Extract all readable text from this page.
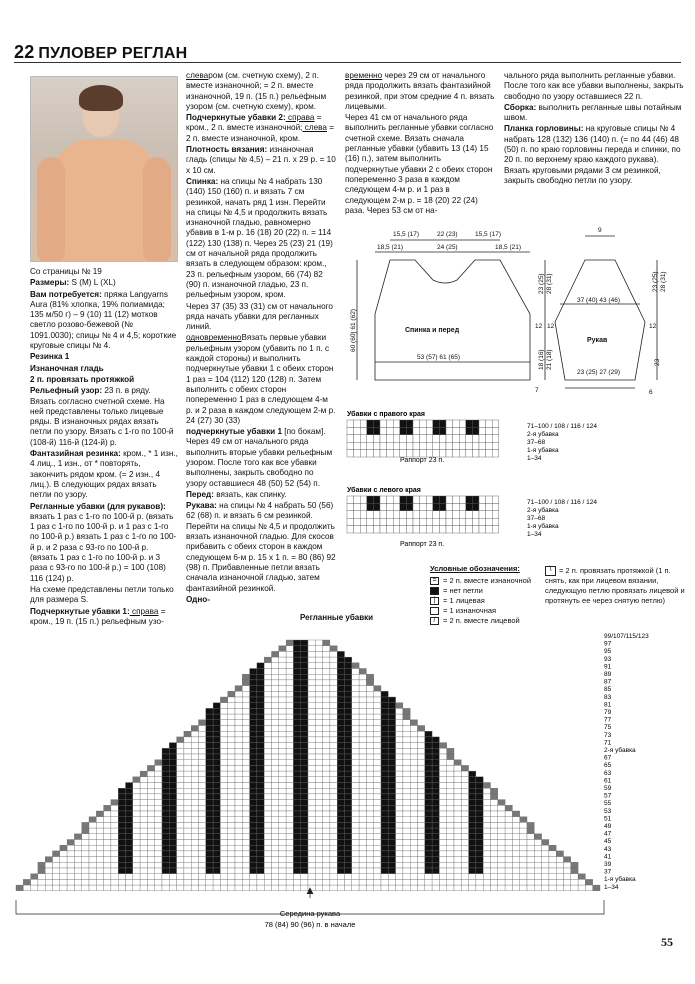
22 ПУЛОВЕР РЕГЛАН

Со страницы № 19

Размеры: S (M) L (XL)

Вам потребуется: пряжа Langyarns Aura (81% хлопка, 19% полиамида; 135 м/50 г) – 9 (10) 11 (12) мотков светло розово-бежевой (№ 1091.0030); спицы № 4 и 4,5; короткие круговые спицы № 4.

Резинка 1

Изнаночная гладь

2 п. провязать протяжкой

Рельефный узор: 23 п. в ряду. Вязать согласно счетной схеме. На ней представлены только лицевые ряды. В изнаночных рядах вязать петли по узору. Вязать с 1-го по 100-й (108-й) 116-й (124-й) р.

Фантазийная резинка: кром., * 1 изн., 4 лиц., 1 изн., от * повторять, закончить рядом кром. (= 2 изн., 4 лиц.). В следующих рядах вязать петли по узору.

Регланные убавки (для рукавов): вязать 1 раз с 1-го по 100-й р. (вязать 1 раз с 1-го по 100-й р. и 1 раз с 1-го по 100-й р.) вязать 1 раз с 1-го по 100-й р. и 2 раза с 93-го по 100-й р. (вязать 1 раз с 1-го по 100-й р. и 3 раза с 93-го по 100-й р.) = 100 (108) 116 (124) р.

На схеме представлены петли только для размера S.

Подчеркнутые убавки 1: справа = кром., 19 п. (15 п.) рельефным узо-

слеваром (см. счетную схему), 2 п. вместе изнаночной; = 2 п. вместе изнаночной, 19 п. (15 п.) рельефным узором (см. счетную схему), кром.

Подчеркнутые убавки 2: справа = кром., 2 п. вместе изнаночной; слева = 2 п. вместе изнаночной, кром.

Плотность вязания: изнаночная гладь (спицы № 4,5) – 21 п. x 29 р. = 10 x 10 см.

Спинка: на спицы № 4 набрать 130 (140) 150 (160) п. и вязать 7 см резинкой, начать ряд 1 изн. Перейти на спицы № 4,5 и продолжить вязать изнаночной гладью, равномерно убавив в 1-м р. 16 (18) 20 (22) п. = 114 (122) 130 (138) п. Через 25 (23) 21 (19) см от начальной ряда продолжить вязать в следующем образом: кром., 23 п. рельефным узором, 66 (74) 82 (90) п. изнаночной гладью, 23 п. рельефным узором, кром.

Через 37 (35) 33 (31) см от начального ряда начать убавки для регланных линий.

одновременноВязать первые убавки рельефным узором (убавить по 1 п. с каждой стороны) и выполнить подчеркнутые убавки 1 с обеих сторон 1 раз = 104 (112) 120 (128) п. Затем выполнить с обеих сторон попеременно 1 раз в следующем 4-м р. и 2 раза в каждом следующем 2-м р. 24 (27) 30 (33)

подчеркнутые убавки 1 [по бокам]. Через 49 см от начального ряда выполнить вторые убавки рельефным узором. После того как все убавки выполнены, закрыть свободно по узору оставшиеся 48 (50) 52 (54) п.

Перед: вязать, как спинку.

Рукава: на спицы № 4 набрать 50 (56) 62 (68) п. и вязать 6 см резинкой. Перейти на спицы № 4,5 и продолжить вязать изнаночной гладью. Для скосов прибавить с обеих сторон в каждом следующем 6-м р. 15 x 1 п. = 80 (86) 92 (98) п. Прибавленные петли вязать сначала изнаночной гладью, затем фантазийной резинкой.

Одно-

временно через 29 см от начального ряда продолжить вязать фантазийной резинкой, при этом средние 4 п. вязать лицевыми.

Через 41 см от начального ряда выполнить регланные убавки согласно счетной схеме. Вязать сначала регланные убавки (убавить 13 (14) 15 (16) п.), затем выполнить подчеркнутые убавки 2 с обеих сторон попеременно 3 раза в каждом следующем 4-м р. и 1 раз в следующем 2-м р. = 18 (20) 22 (24) раза. Через 53 см от на-

чального ряда выполнить регланные убавки. После того как все убавки выполнены, закрыть свободно по узору оставшиеся 22 п.

Сборка: выполнить регланные швы потайным швом.

Планка горловины: на круговые спицы № 4 набрать 128 (132) 136 (140) п. (= по 44 (46) 48 (50) п. по краю горловины переда и спинки, по 20 п. по верхнему краю каждого рукава). Вязать круговыми рядами 3 см резинкой, закрыть свободно петли по узору.

15,5 (17)	22 (23)	15,5 (17)
18,5 (21)	24 (25)	18,5 (21)
Спинка и перед
53 (57) 61 (65)
60 (60) 61 (62)
23 (25) 28 (31)
12 12
18 (16) 21 (18)
7
9
37 (40) 43 (46)
Рукав
23 (25) 27 (29)
23 (25) 28 (31)
12
23
6
Убавки с правого края
Раппорт 23 п.
71–100 / 108 / 116 / 124
2-я убавка
37–68
1-я убавка
1–34
Убавки с левого края
Раппорт 23 п.
71–100 / 108 / 116 / 124
2-я убавка
37–68
1-я убавка
1–34
Условные обозначения:
= = 2 п. вместе изнаночной
= нет петли
|	= 1 лицевая
= 1 изнаночная
/	= 2 п. вместе лицевой
\ = 2 п. провязать протяжкой (1 п. снять, как при лицевом вязании, следующую петлю провязать лицевой и протянуть ее через снятую петлю)
Регланные убавки
99/107/115/123
97
95
93
91
89
87
85
83
81
79
77
75
73
71
2-я убавка
67
65
63
61
59
57
55
53
51
49
47
45
43
41
39
37
1-я убавка
1–34
Середина рукава
78 (84) 90 (96) п. в начале
55
